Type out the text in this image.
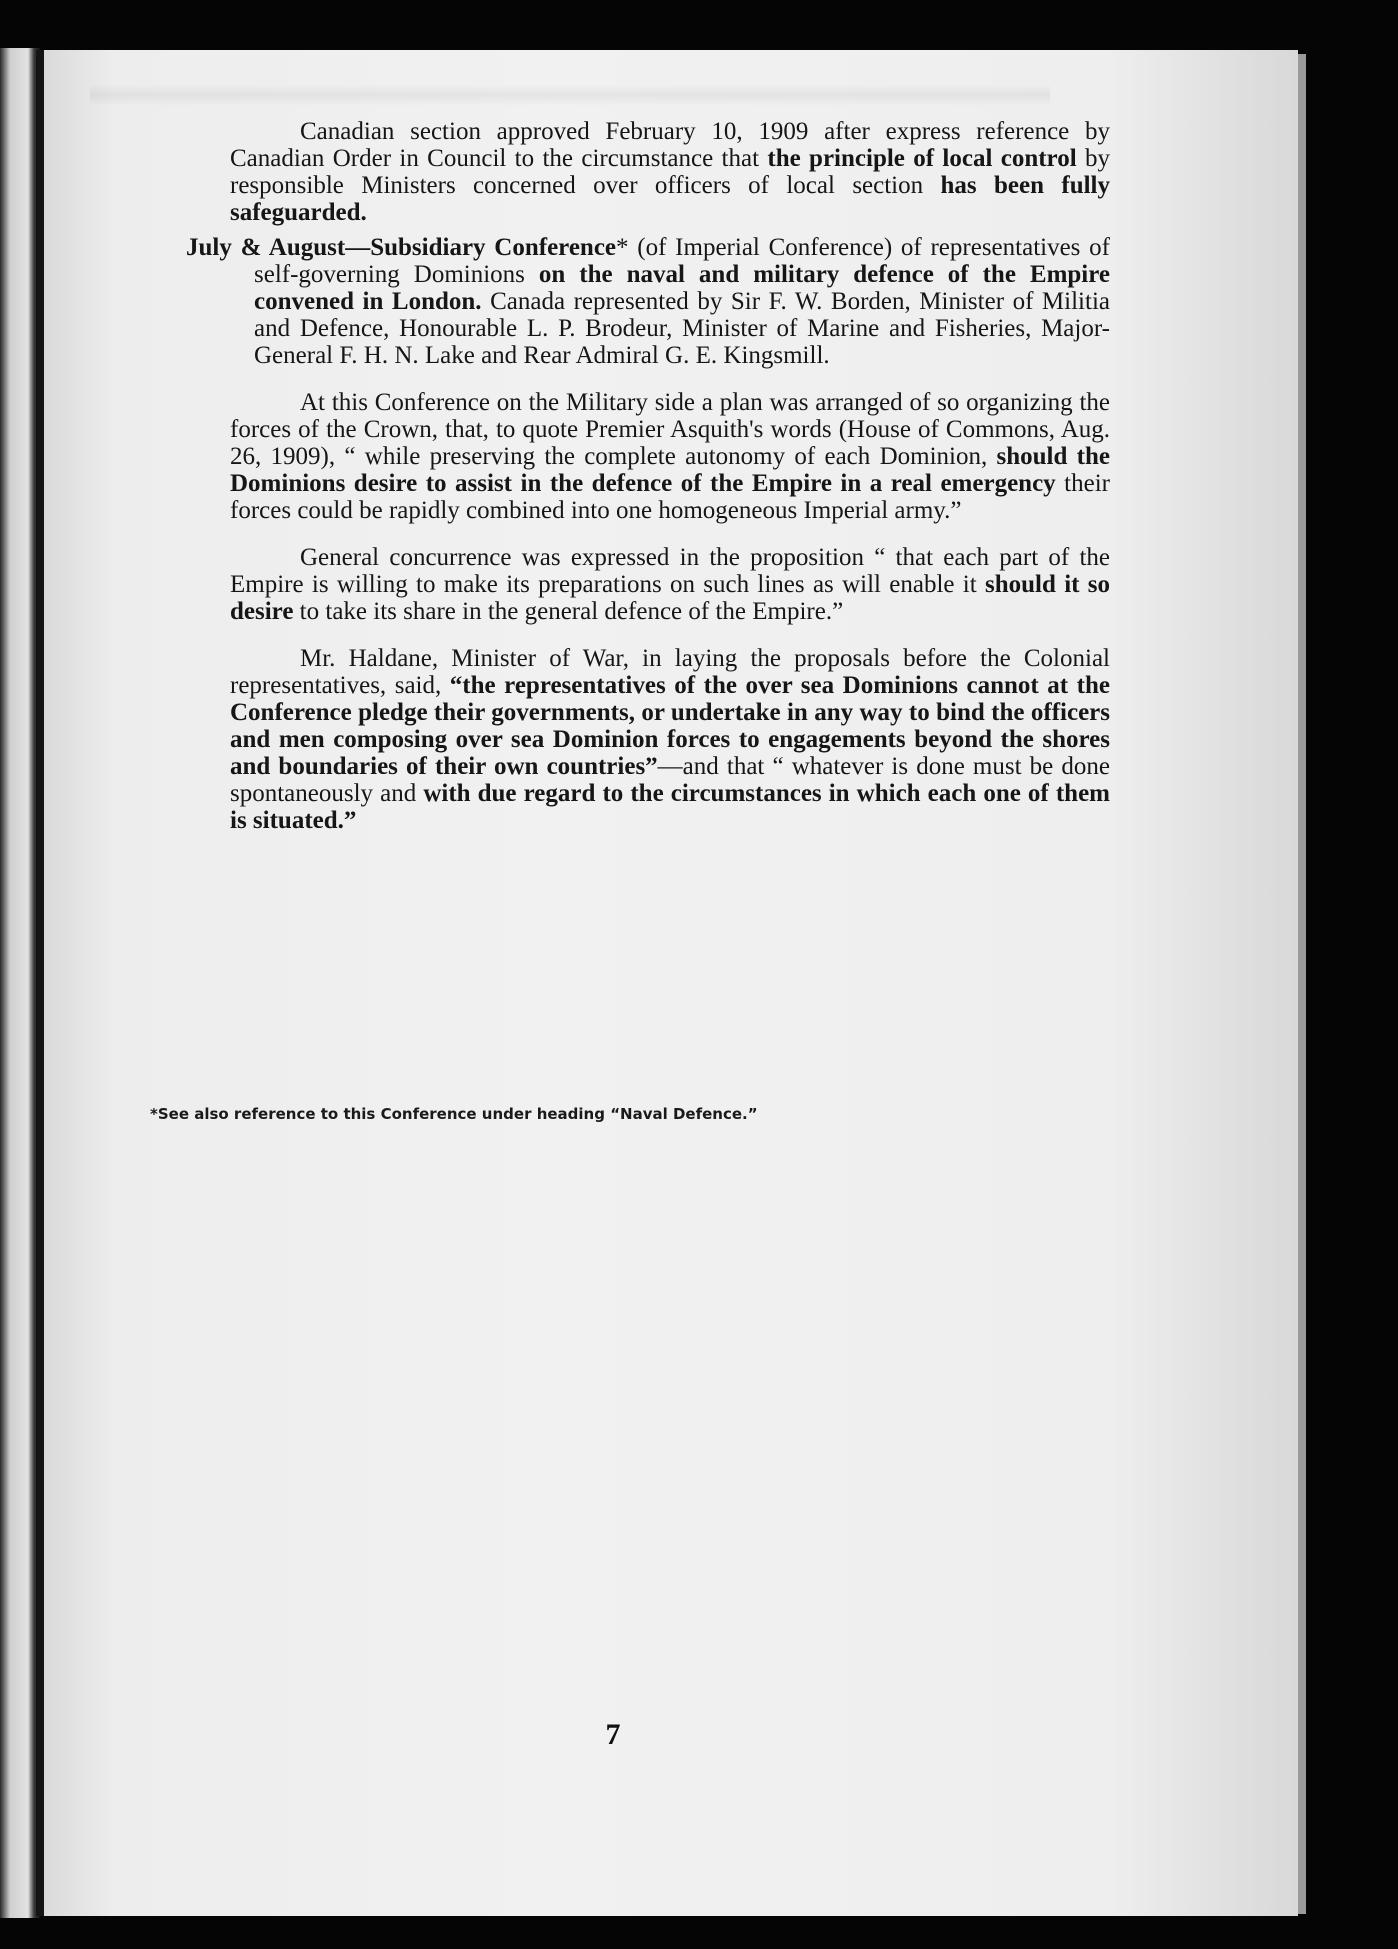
Canadian section approved February 10, 1909 after express reference by Canadian Order in Council to the circumstance that the principle of local control by responsible Ministers concerned over officers of local section has been fully safeguarded.

July & August—Subsidiary Conference* (of Imperial Conference) of representatives of self-governing Dominions on the naval and military defence of the Empire convened in London. Canada represented by Sir F. W. Borden, Minister of Militia and Defence, Honourable L. P. Brodeur, Minister of Marine and Fisheries, Major-General F. H. N. Lake and Rear Admiral G. E. Kingsmill.

At this Conference on the Military side a plan was arranged of so organizing the forces of the Crown, that, to quote Premier Asquith's words (House of Commons, Aug. 26, 1909), “ while preserving the complete autonomy of each Dominion, should the Dominions desire to assist in the defence of the Empire in a real emergency their forces could be rapidly combined into one homogeneous Imperial army.”

General concurrence was expressed in the proposition “ that each part of the Empire is willing to make its preparations on such lines as will enable it should it so desire to take its share in the general defence of the Empire.”

Mr. Haldane, Minister of War, in laying the proposals before the Colonial representatives, said, “the representatives of the over sea Dominions cannot at the Conference pledge their governments, or undertake in any way to bind the officers and men composing over sea Dominion forces to engagements beyond the shores and boundaries of their own countries”—and that “ whatever is done must be done spontaneously and with due regard to the circumstances in which each one of them is situated.”

*See also reference to this Conference under heading “Naval Defence.”
7
